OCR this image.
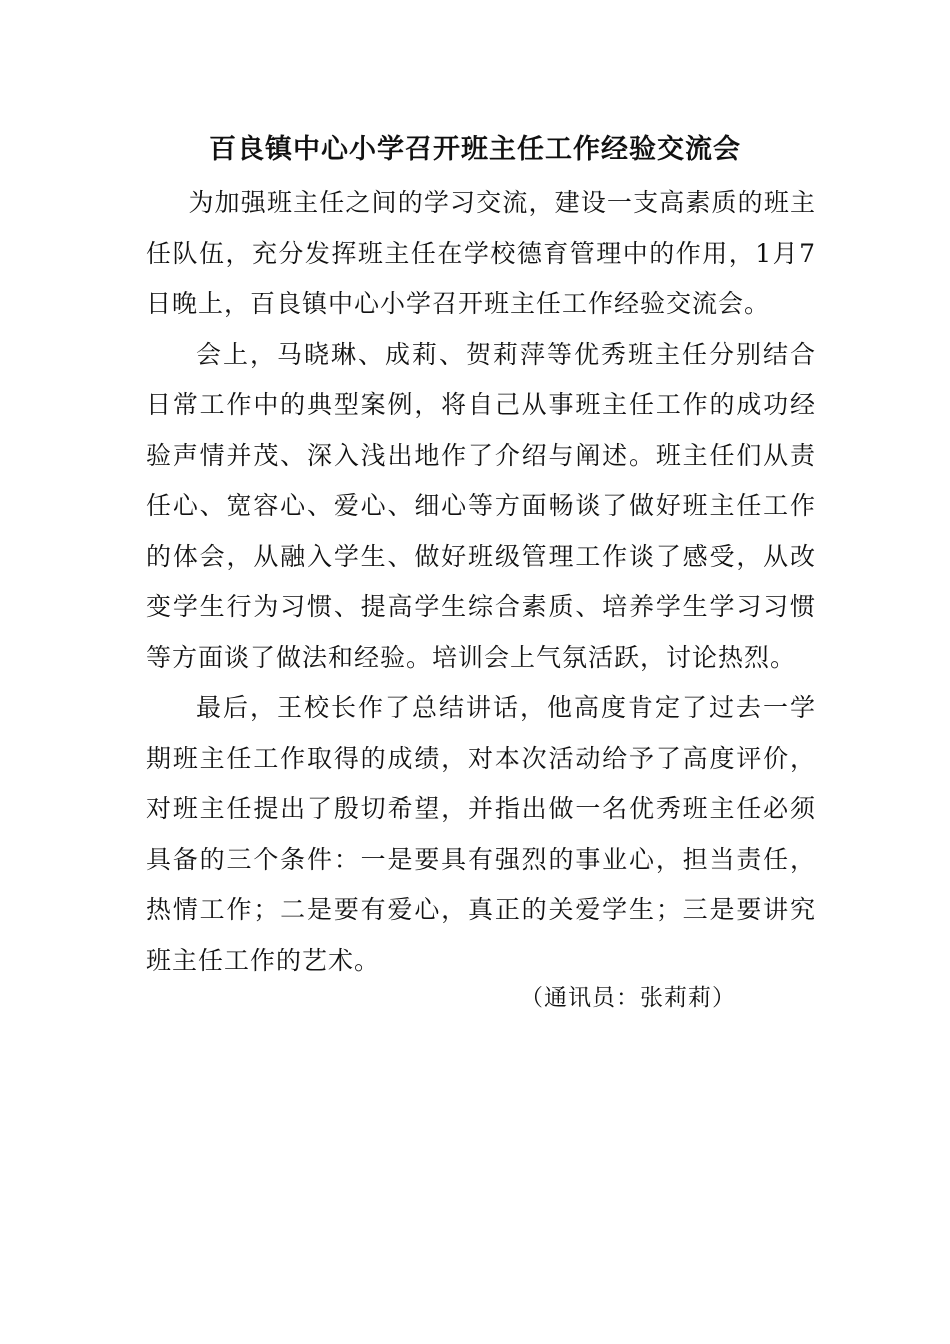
百良镇中心小学召开班主任工作经验交流会

为加强班主任之间的学习交流，建设一支高素质的班主任队伍，充分发挥班主任在学校德育管理中的作用，1月7日晚上，百良镇中心小学召开班主任工作经验交流会。

会上，马晓琳、成莉、贺莉萍等优秀班主任分别结合日常工作中的典型案例，将自己从事班主任工作的成功经验声情并茂、深入浅出地作了介绍与阐述。班主任们从责任心、宽容心、爱心、细心等方面畅谈了做好班主任工作的体会，从融入学生、做好班级管理工作谈了感受，从改变学生行为习惯、提高学生综合素质、培养学生学习习惯等方面谈了做法和经验。培训会上气氛活跃，讨论热烈。

最后，王校长作了总结讲话，他高度肯定了过去一学期班主任工作取得的成绩，对本次活动给予了高度评价，对班主任提出了殷切希望，并指出做一名优秀班主任必须具备的三个条件：一是要具有强烈的事业心，担当责任，热情工作；二是要有爱心，真正的关爱学生；三是要讲究班主任工作的艺术。

（通讯员：张莉莉）
